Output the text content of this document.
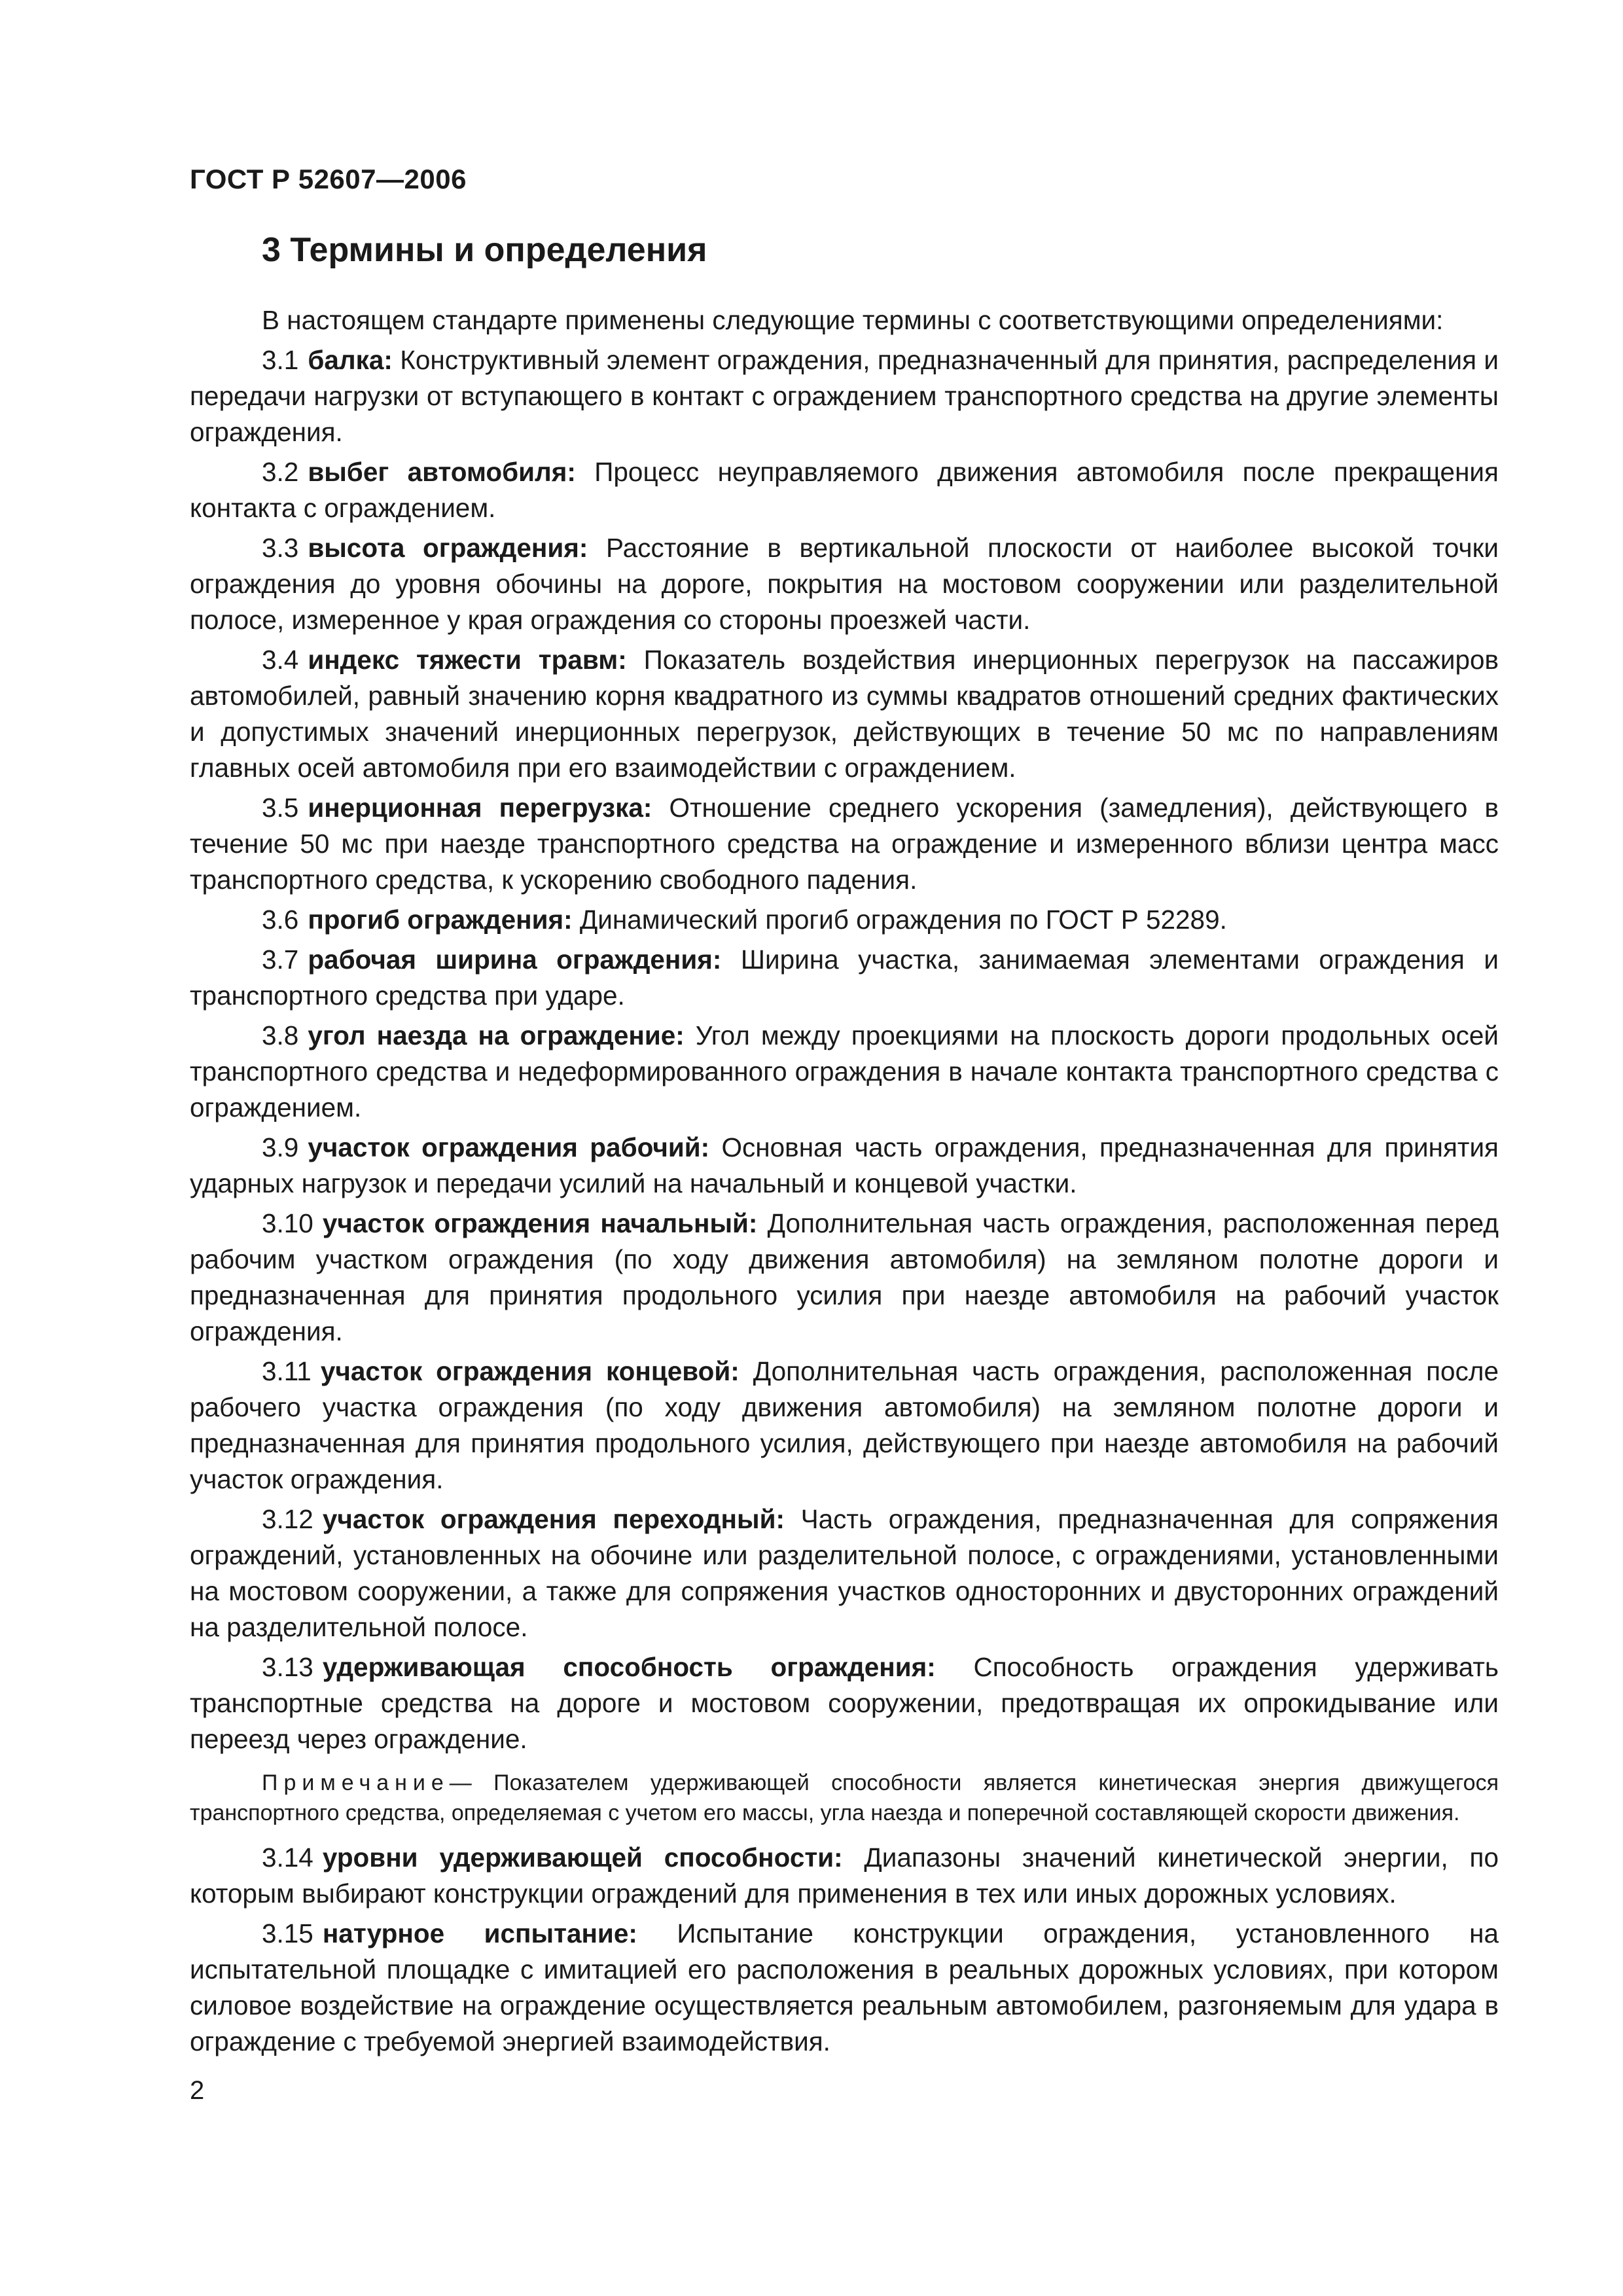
ГОСТ Р 52607—2006
3 Термины и определения

В настоящем стандарте применены следующие термины с соответствующими определениями:

3.1 балка: Конструктивный элемент ограждения, предназначенный для принятия, распределения и передачи нагрузки от вступающего в контакт с ограждением транспортного средства на другие элементы ограждения.

3.2 выбег автомобиля: Процесс неуправляемого движения автомобиля после прекращения контакта с ограждением.

3.3 высота ограждения: Расстояние в вертикальной плоскости от наиболее высокой точки ограждения до уровня обочины на дороге, покрытия на мостовом сооружении или разделительной полосе, измеренное у края ограждения со стороны проезжей части.

3.4 индекс тяжести травм: Показатель воздействия инерционных перегрузок на пассажиров автомобилей, равный значению корня квадратного из суммы квадратов отношений средних фактических и допустимых значений инерционных перегрузок, действующих в течение 50 мс по направлениям главных осей автомобиля при его взаимодействии с ограждением.

3.5 инерционная перегрузка: Отношение среднего ускорения (замедления), действующего в течение 50 мс при наезде транспортного средства на ограждение и измеренного вблизи центра масс транспортного средства, к ускорению свободного падения.

3.6 прогиб ограждения: Динамический прогиб ограждения по ГОСТ Р 52289.

3.7 рабочая ширина ограждения: Ширина участка, занимаемая элементами ограждения и транспортного средства при ударе.

3.8 угол наезда на ограждение: Угол между проекциями на плоскость дороги продольных осей транспортного средства и недеформированного ограждения в начале контакта транспортного средства с ограждением.

3.9 участок ограждения рабочий: Основная часть ограждения, предназначенная для принятия ударных нагрузок и передачи усилий на начальный и концевой участки.

3.10 участок ограждения начальный: Дополнительная часть ограждения, расположенная перед рабочим участком ограждения (по ходу движения автомобиля) на земляном полотне дороги и предназначенная для принятия продольного усилия при наезде автомобиля на рабочий участок ограждения.

3.11 участок ограждения концевой: Дополнительная часть ограждения, расположенная после рабочего участка ограждения (по ходу движения автомобиля) на земляном полотне дороги и предназначенная для принятия продольного усилия, действующего при наезде автомобиля на рабочий участок ограждения.

3.12 участок ограждения переходный: Часть ограждения, предназначенная для сопряжения ограждений, установленных на обочине или разделительной полосе, с ограждениями, установленными на мостовом сооружении, а также для сопряжения участков односторонних и двусторонних ограждений на разделительной полосе.

3.13 удерживающая способность ограждения: Способность ограждения удерживать транспортные средства на дороге и мостовом сооружении, предотвращая их опрокидывание или переезд через ограждение.

Примечание— Показателем удерживающей способности является кинетическая энергия движущегося транспортного средства, определяемая с учетом его массы, угла наезда и поперечной составляющей скорости движения.

3.14 уровни удерживающей способности: Диапазоны значений кинетической энергии, по которым выбирают конструкции ограждений для применения в тех или иных дорожных условиях.

3.15 натурное испытание: Испытание конструкции ограждения, установленного на испытательной площадке с имитацией его расположения в реальных дорожных условиях, при котором силовое воздействие на ограждение осуществляется реальным автомобилем, разгоняемым для удара в ограждение с требуемой энергией взаимодействия.

2
